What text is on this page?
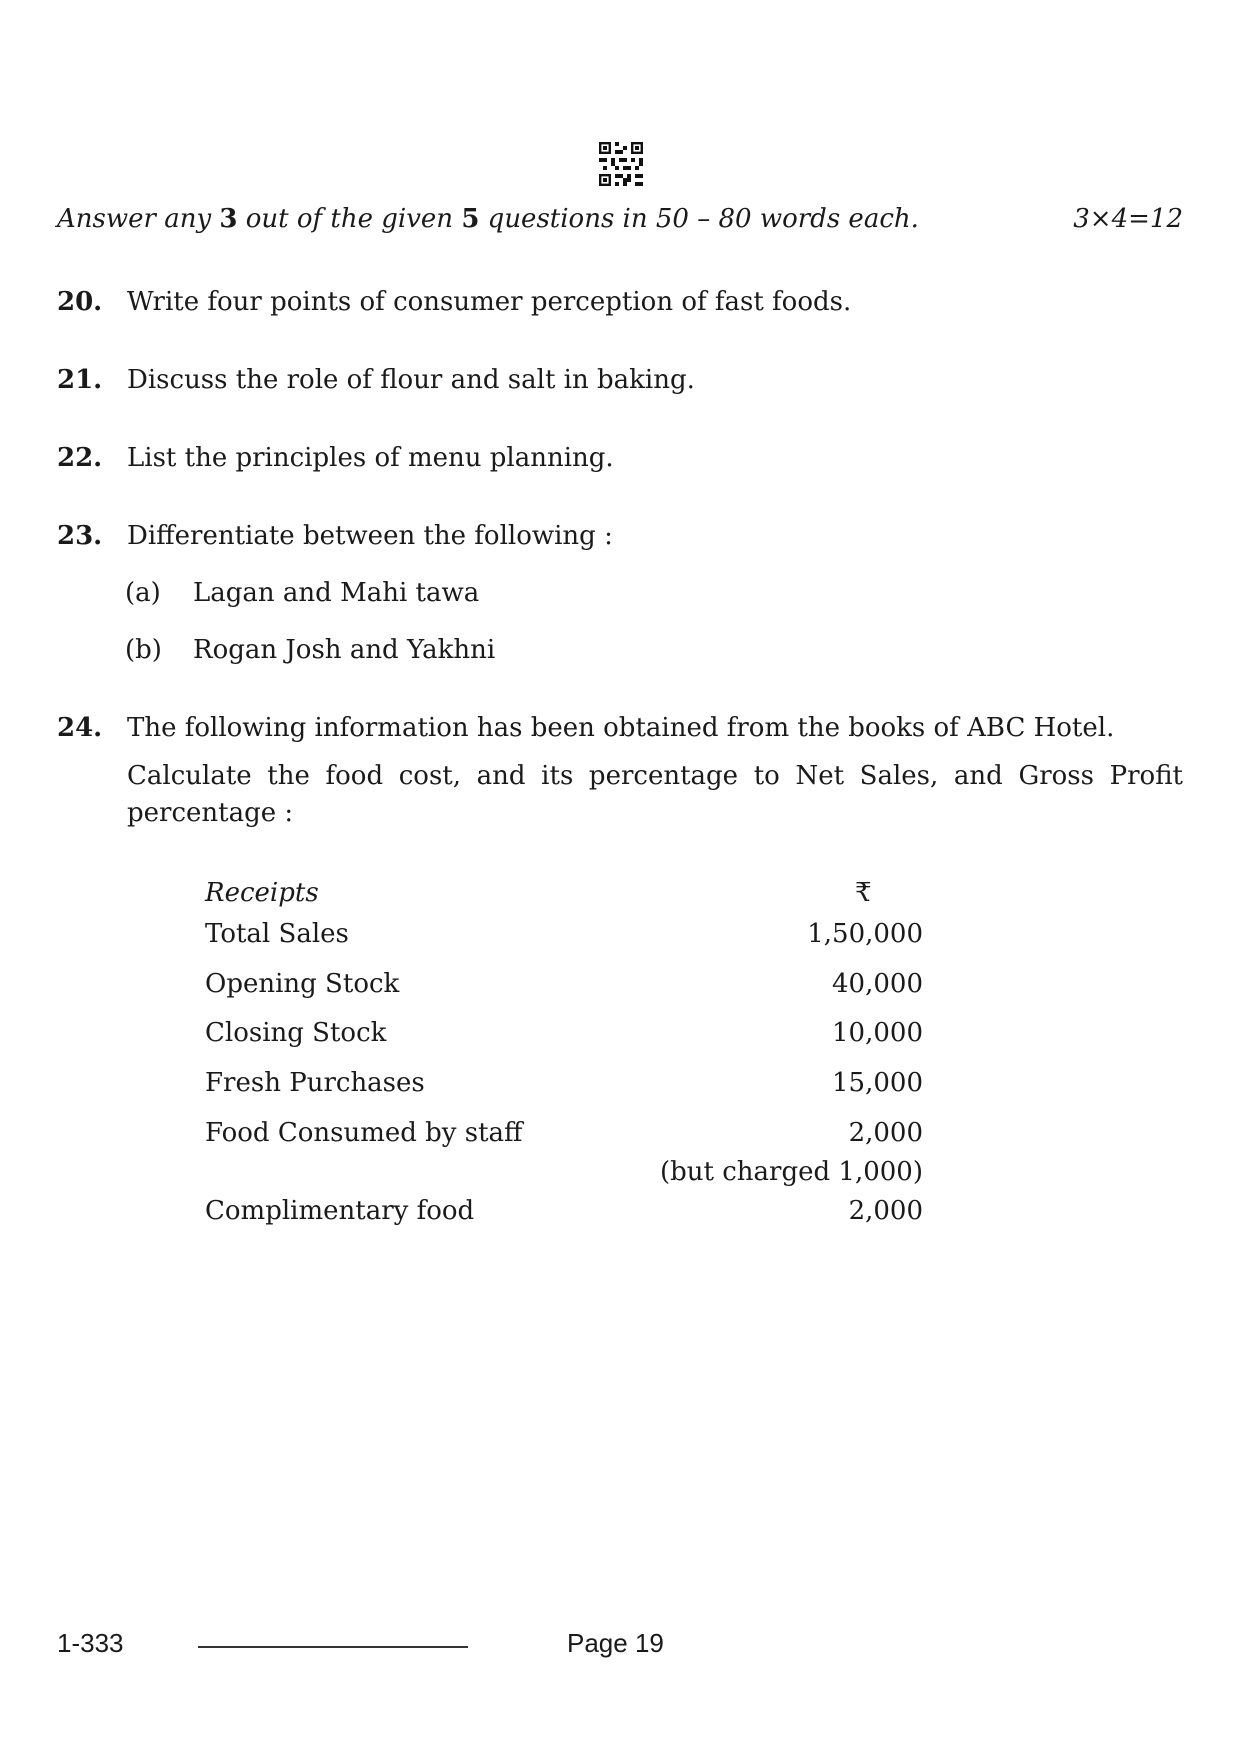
Answer any 3 out of the given 5 questions in 50 – 80 words each.	3×4=12
20. Write four points of consumer perception of fast foods.
21. Discuss the role of flour and salt in baking.
22. List the principles of menu planning.
23. Differentiate between the following :
(a) Lagan and Mahi tawa
(b) Rogan Josh and Yakhni
24. The following information has been obtained from the books of ABC Hotel.
Calculate the food cost, and its percentage to Net Sales, and Gross Profit percentage :
Receipts	₹
Total Sales	1,50,000
Opening Stock	40,000
Closing Stock	10,000
Fresh Purchases	15,000
Food Consumed by staff	2,000
(but charged 1,000)
Complimentary food	2,000
1-333	Page 19
